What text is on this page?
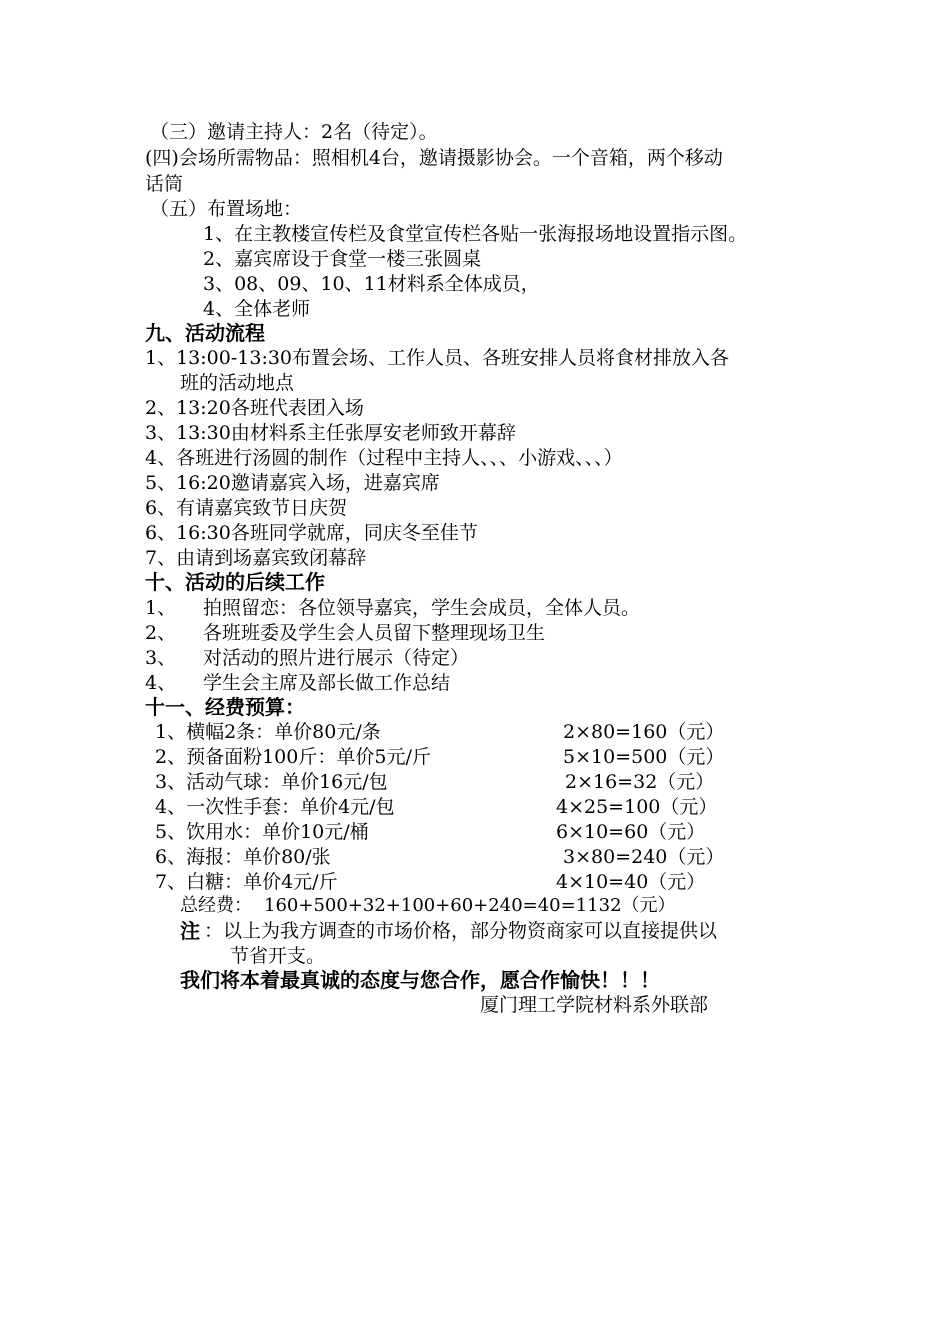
（三）邀请主持人：2名（待定）。
(四)会场所需物品：照相机4台，邀请摄影协会。一个音箱，两个移动
话筒
（五）布置场地：
1、在主教楼宣传栏及食堂宣传栏各贴一张海报场地设置指示图。
2、嘉宾席设于食堂一楼三张圆桌
3、08、09、10、11材料系全体成员，
4、全体老师
九、活动流程
1、13:00-13:30布置会场、工作人员、各班安排人员将食材排放入各
班的活动地点
2、13:20各班代表团入场
3、13:30由材料系主任张厚安老师致开幕辞
4、各班进行汤圆的制作（过程中主持人、、、小游戏、、、）
5、16:20邀请嘉宾入场，进嘉宾席
6、有请嘉宾致节日庆贺
6、16:30各班同学就席，同庆冬至佳节
7、由请到场嘉宾致闭幕辞
十、活动的后续工作
1、 拍照留恋：各位领导嘉宾，学生会成员，全体人员。
2、 各班班委及学生会人员留下整理现场卫生
3、 对活动的照片进行展示（待定）
4、 学生会主席及部长做工作总结
十一、经费预算：
1、横幅2条：单价80元/条	2×80=160（元）
2、预备面粉100斤：单价5元/斤	5×10=500（元）
3、活动气球：单价16元/包	2×16=32（元）
4、一次性手套：单价4元/包	4×25=100（元）
5、饮用水：单价10元/桶	6×10=60（元）
6、海报：单价80/张	3×80=240（元）
7、白糖：单价4元/斤	4×10=40（元）
总经费： 160+500+32+100+60+240=40=1132（元）
注 ：以上为我方调查的市场价格，部分物资商家可以直接提供以
节省开支。
我们将本着最真诚的态度与您合作，愿合作愉快！！！
厦门理工学院材料系外联部
